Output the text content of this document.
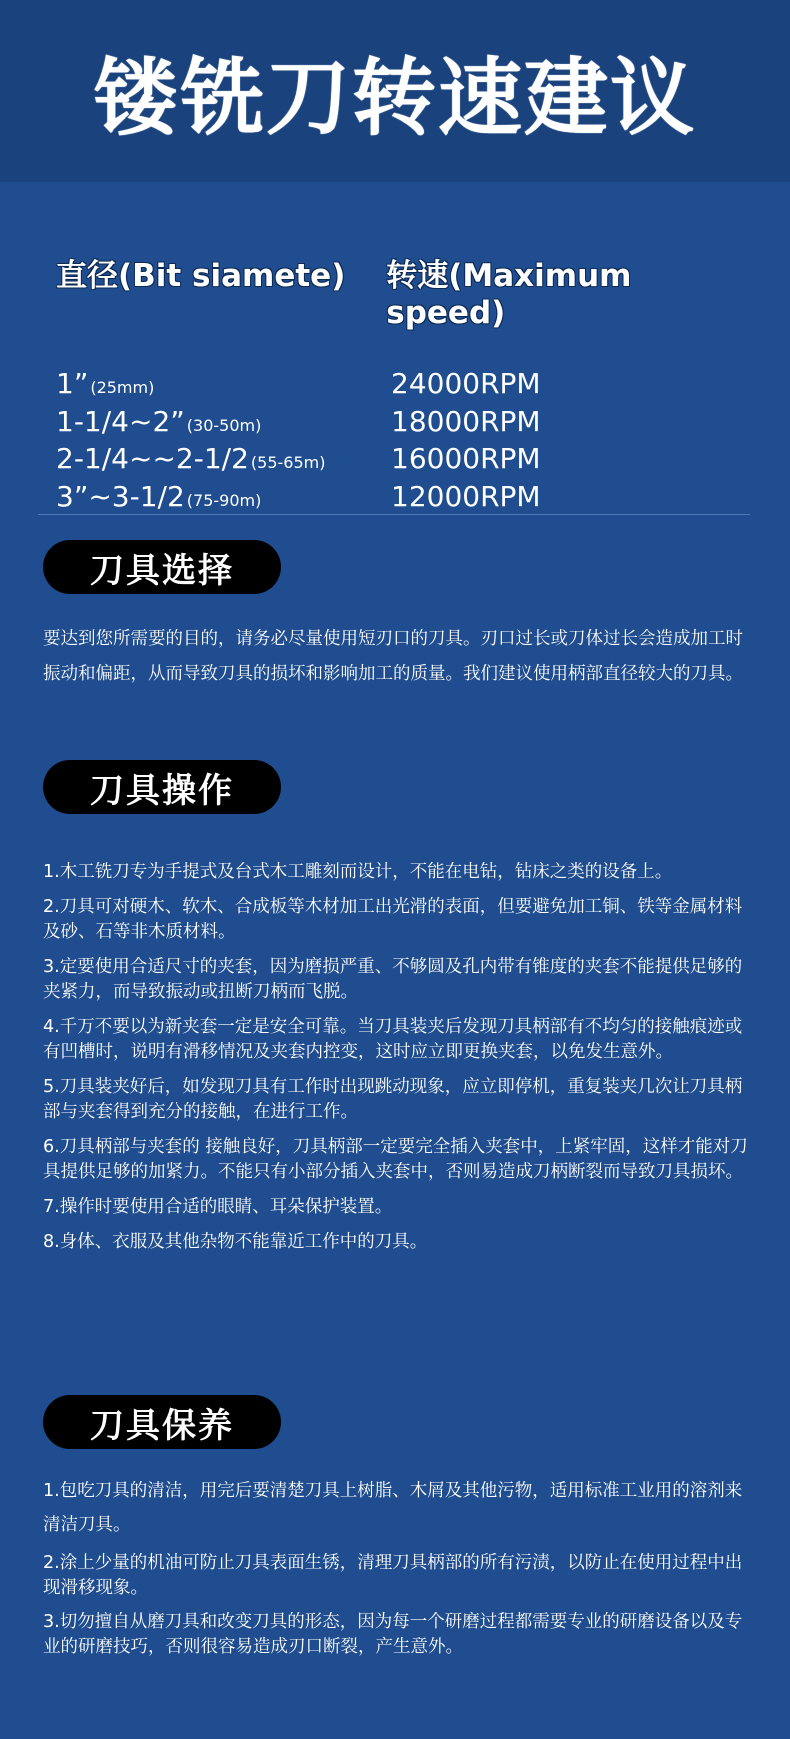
镂铣刀转速建议
直径(Bit siamete)	转速(Maximum speed)
1” (25mm)	24000RPM
1-1/4~2” (30-50m)	18000RPM
2-1/4~~2-1/2 (55-65m)	16000RPM
3”~3-1/2 (75-90m)	12000RPM
刀具选择
要达到您所需要的目的，请务必尽量使用短刃口的刀具。刃口过长或刀体过长会造成加工时振动和偏距，从而导致刀具的损坏和影响加工的质量。我们建议使用柄部直径较大的刀具。
刀具操作

1.木工铣刀专为手提式及台式木工雕刻而设计，不能在电钻，钻床之类的设备上。

2.刀具可对硬木、软木、合成板等木材加工出光滑的表面，但要避免加工铜、铁等金属材料及砂、石等非木质材料。

3.定要使用合适尺寸的夹套，因为磨损严重、不够圆及孔内带有锥度的夹套不能提供足够的夹紧力，而导致振动或扭断刀柄而飞脱。

4.千万不要以为新夹套一定是安全可靠。当刀具装夹后发现刀具柄部有不均匀的接触痕迹或有凹槽时，说明有滑移情况及夹套内控变，这时应立即更换夹套，以免发生意外。

5.刀具装夹好后，如发现刀具有工作时出现跳动现象，应立即停机，重复装夹几次让刀具柄部与夹套得到充分的接触，在进行工作。

6.刀具柄部与夹套的 接触良好，刀具柄部一定要完全插入夹套中，上紧牢固，这样才能对刀具提供足够的加紧力。不能只有小部分插入夹套中，否则易造成刀柄断裂而导致刀具损坏。

7.操作时要使用合适的眼睛、耳朵保护装置。

8.身体、衣服及其他杂物不能靠近工作中的刀具。

刀具保养

1.包吃刀具的清洁，用完后要清楚刀具上树脂、木屑及其他污物，适用标准工业用的溶剂来清洁刀具。

2.涂上少量的机油可防止刀具表面生锈，清理刀具柄部的所有污渍，以防止在使用过程中出现滑移现象。

3.切勿擅自从磨刀具和改变刀具的形态，因为每一个研磨过程都需要专业的研磨设备以及专业的研磨技巧，否则很容易造成刃口断裂，产生意外。
